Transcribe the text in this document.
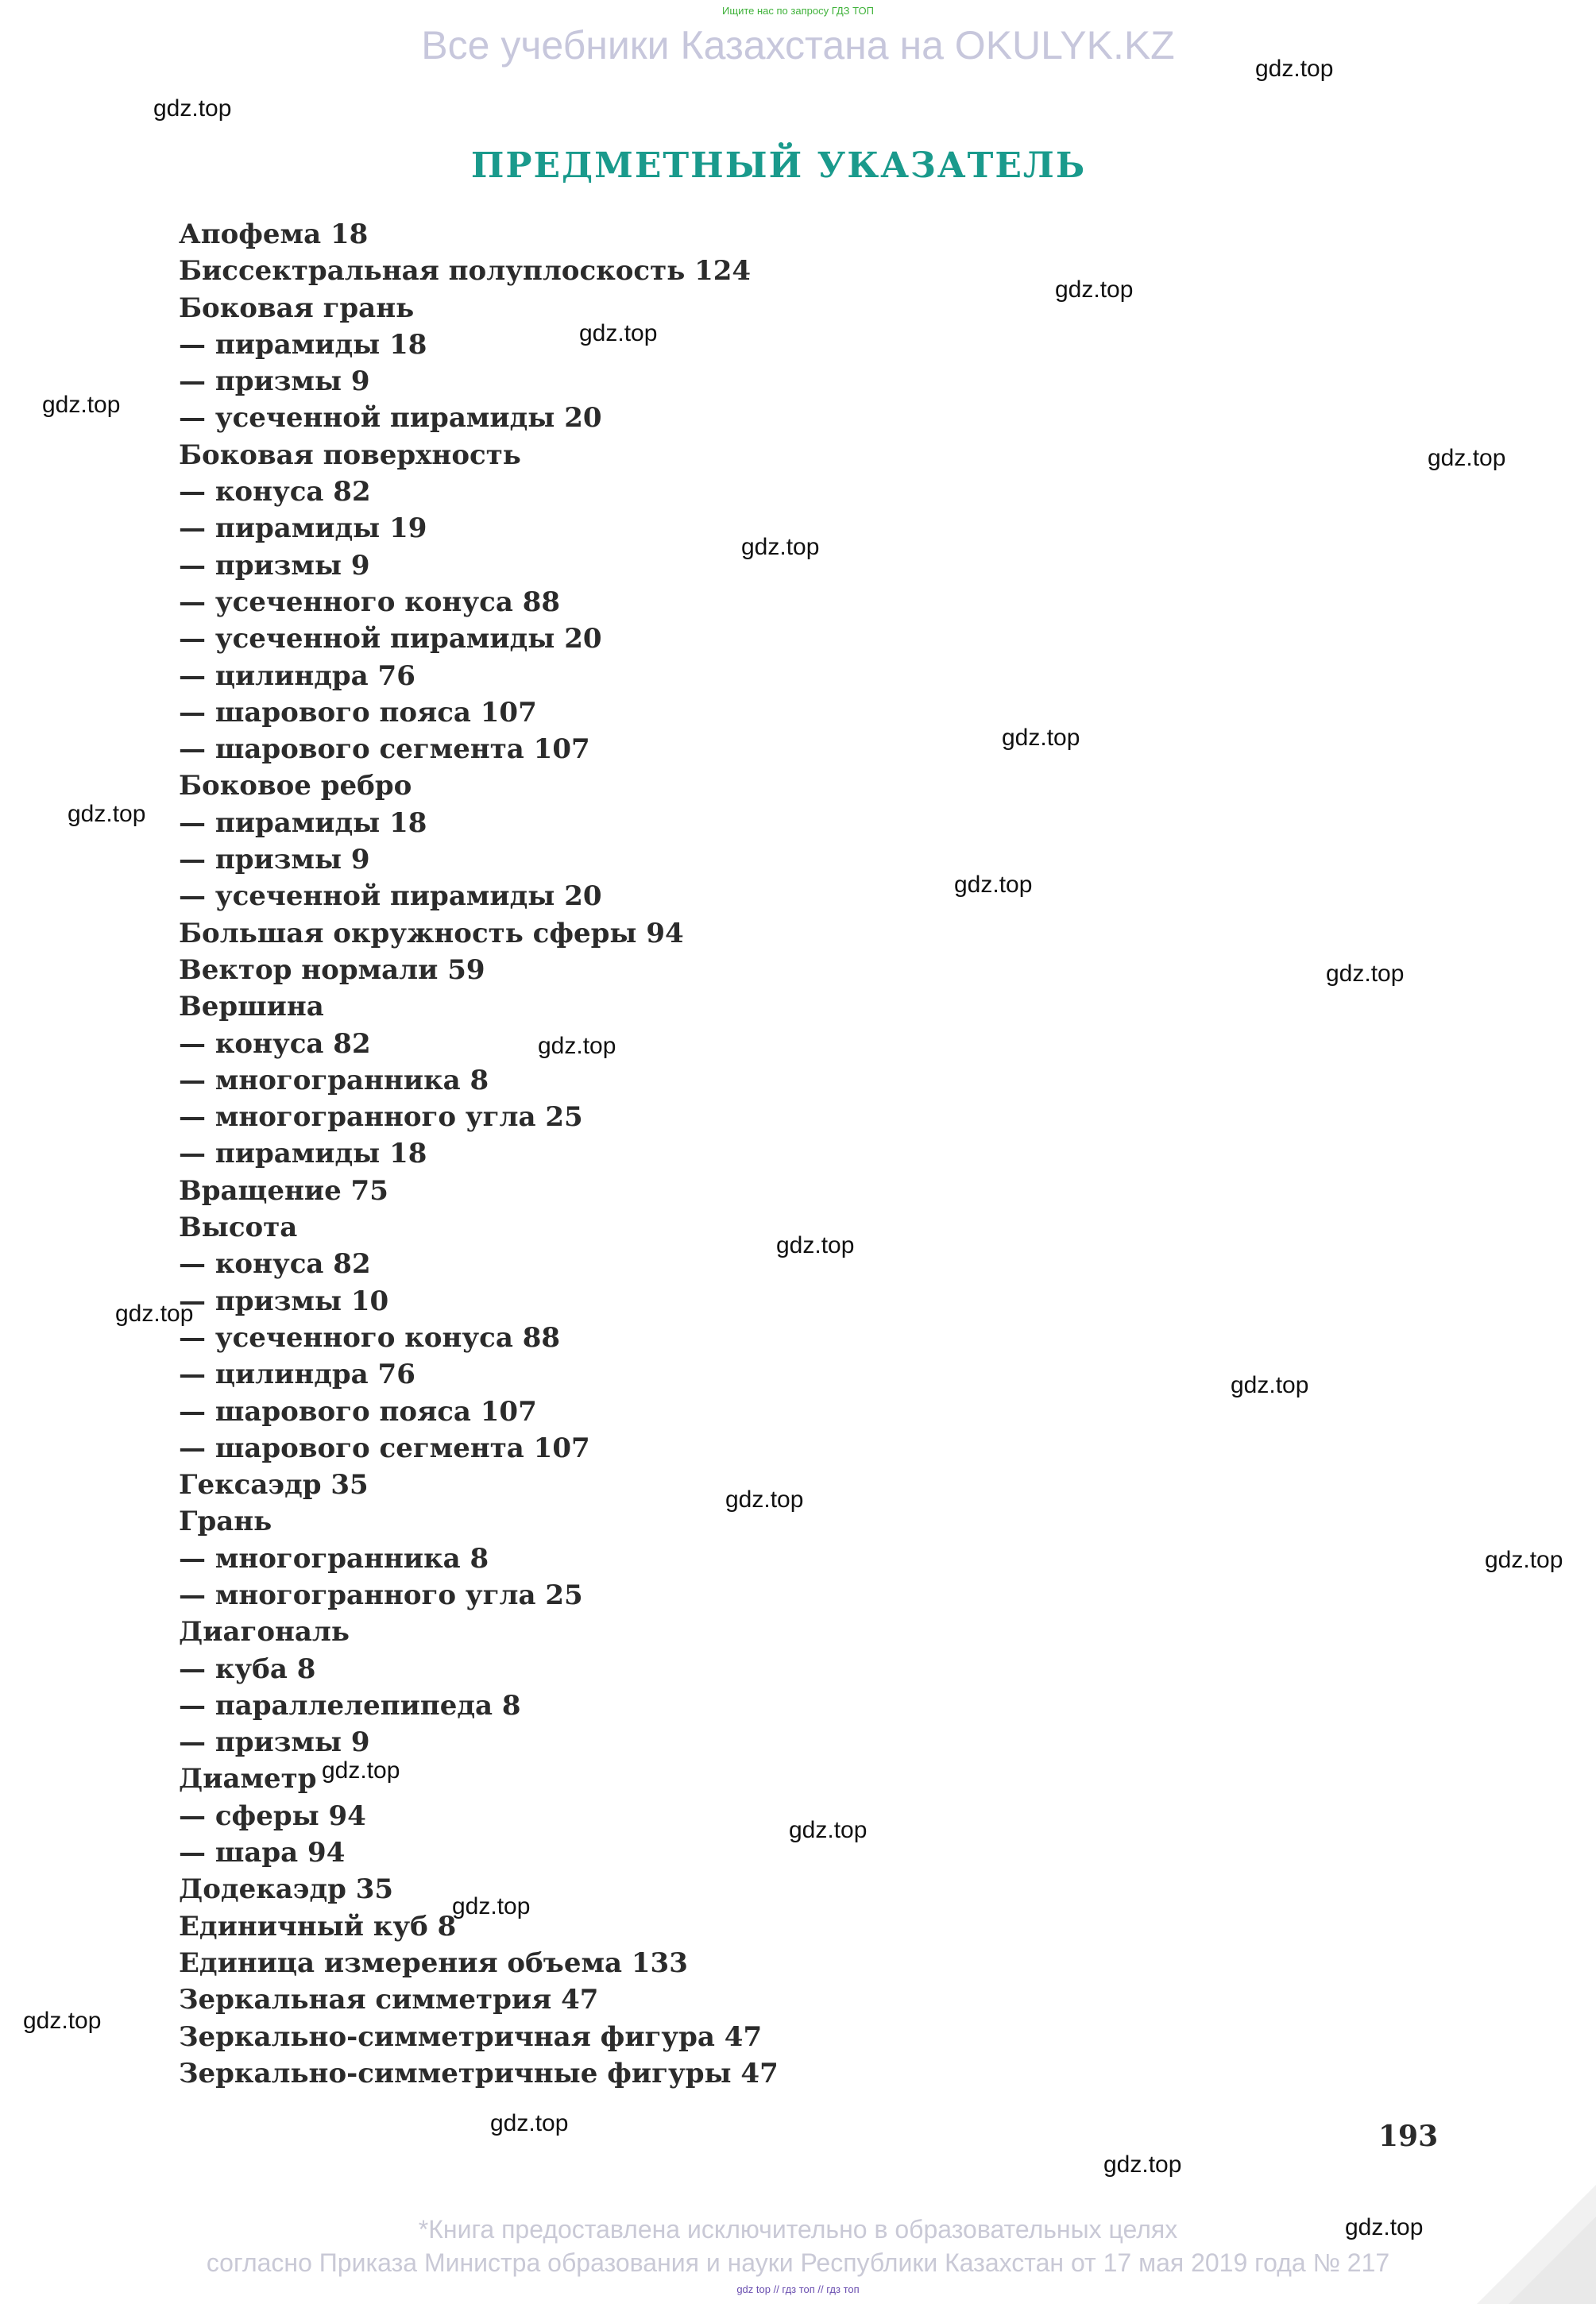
Ищите нас по запросу ГДЗ ТОП
Все учебники Казахстана на OKULYK.KZ
ПРЕДМЕТНЫЙ УКАЗАТЕЛЬ
Апофема 18
Биссектральная полуплоскость 124
Боковая грань
— пирамиды 18
— призмы 9
— усеченной пирамиды 20
Боковая поверхность
— конуса 82
— пирамиды 19
— призмы 9
— усеченного конуса 88
— усеченной пирамиды 20
— цилиндра 76
— шарового пояса 107
— шарового сегмента 107
Боковое ребро
— пирамиды 18
— призмы 9
— усеченной пирамиды 20
Большая окружность сферы 94
Вектор нормали 59
Вершина
— конуса 82
— многогранника 8
— многогранного угла 25
— пирамиды 18
Вращение 75
Высота
— конуса 82
— призмы 10
— усеченного конуса 88
— цилиндра 76
— шарового пояса 107
— шарового сегмента 107
Гексаэдр 35
Грань
— многогранника 8
— многогранного угла 25
Диагональ
— куба 8
— параллелепипеда 8
— призмы 9
Диаметр
— сферы 94
— шара 94
Додекаэдр 35
Единичный куб 8
Единица измерения объема 133
Зеркальная симметрия 47
Зеркально-симметричная фигура 47
Зеркально-симметричные фигуры 47
193
gdz.top
gdz.top
gdz.top
gdz.top
gdz.top
gdz.top
gdz.top
gdz.top
gdz.top
gdz.top
gdz.top
gdz.top
gdz.top
gdz.top
gdz.top
gdz.top
gdz.top
gdz.top
gdz.top
gdz.top
gdz.top
gdz.top
gdz.top
gdz.top
*Книга предоставлена исключительно в образовательных целях
согласно Приказа Министра образования и науки Республики Казахстан от 17 мая 2019 года № 217
gdz top // гдз топ // гдз топ
